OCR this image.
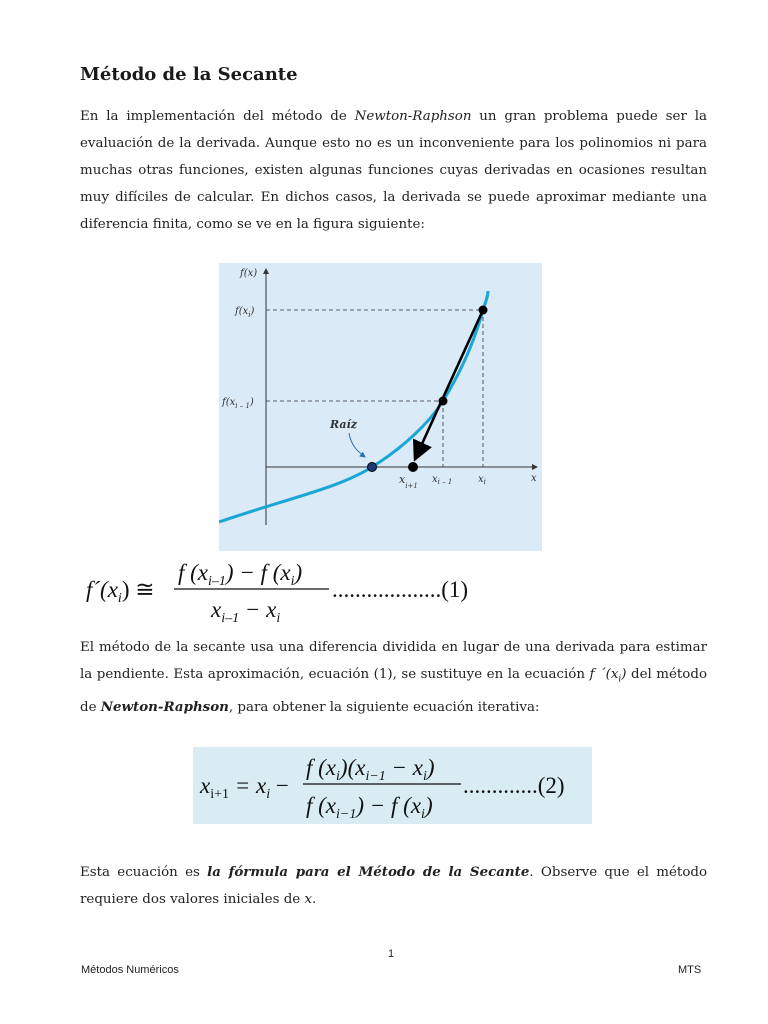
Método de la Secante
En la implementación del método de Newton-Raphson un gran problema puede ser la evaluación de la derivada. Aunque esto no es un inconveniente para los polinomios ni para muchas otras funciones, existen algunas funciones cuyas derivadas en ocasiones resultan muy difíciles de calcular. En dichos casos, la derivada se puede aproximar mediante una diferencia finita, como se ve en la figura siguiente:
f(x)
x
$f(x_i)$
$f(x_{i - 1})$
Raíz
$x_{i+1}$
$x_{i - 1}$	$x_i$
$f´(x_i)$ ≅
f $(x_{i-1}) - f$ $(x_i)$
$x_{i-1} - x_i$
...................(1)
El método de la secante usa una diferencia dividida en lugar de una derivada para estimar la pendiente. Esta aproximación, ecuación (1), se sustituye en la ecuación f $´(x_i)$ del método de Newton-Raphson, para obtener la siguiente ecuación iterativa:
$x_{i+1} = x_i$ −
f $(x_i)(x_{i-1} - x_i)$
f $(x_{i-1}) - f$ $(x_i)$
.............(2)
Esta ecuación es la fórmula para el Método de la Secante. Observe que el método requiere dos valores iniciales de x.
1
Métodos Numéricos	MTS
